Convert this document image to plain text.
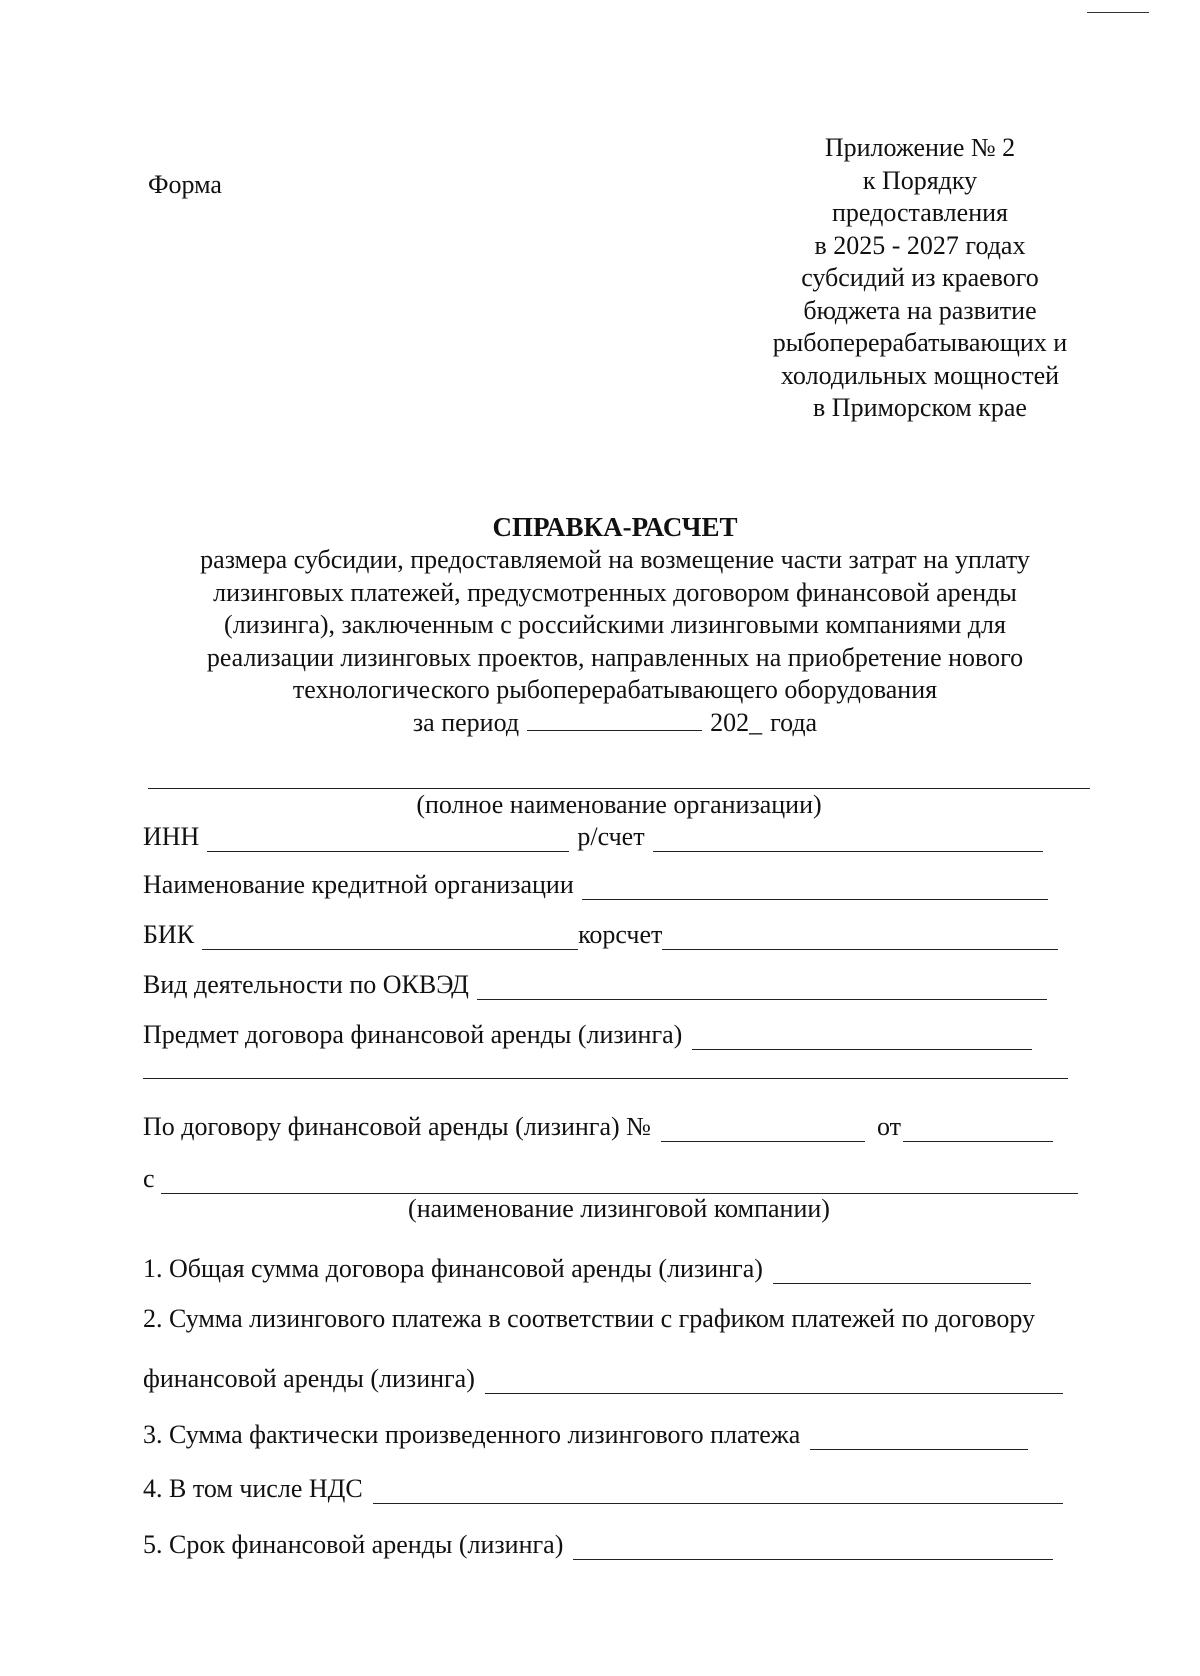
Форма
Приложение № 2
к Порядку
предоставления
в 2025 - 2027 годах
субсидий из краевого
бюджета на развитие
рыбоперерабатывающих и
холодильных мощностей
в Приморском крае

СПРАВКА-РАСЧЕТ

размера субсидии, предоставляемой на возмещение части затрат на уплату

лизинговых платежей, предусмотренных договором финансовой аренды

(лизинга), заключенным с российскими лизинговыми компаниями для

реализации лизинговых проектов, направленных на приобретение нового

технологического рыбоперерабатывающего оборудования

за период	202_ года
(полное наименование организации)
ИНН	р/счет
Наименование кредитной организации
БИК	корсчет
Вид деятельности по ОКВЭД
Предмет договора финансовой аренды (лизинга)
По договору финансовой аренды (лизинга) №	от
с
(наименование лизинговой компании)
1. Общая сумма договора финансовой аренды (лизинга)
2. Сумма лизингового платежа в соответствии с графиком платежей по договору
финансовой аренды (лизинга)
3. Сумма фактически произведенного лизингового платежа
4. В том числе НДС
5. Срок финансовой аренды (лизинга)
